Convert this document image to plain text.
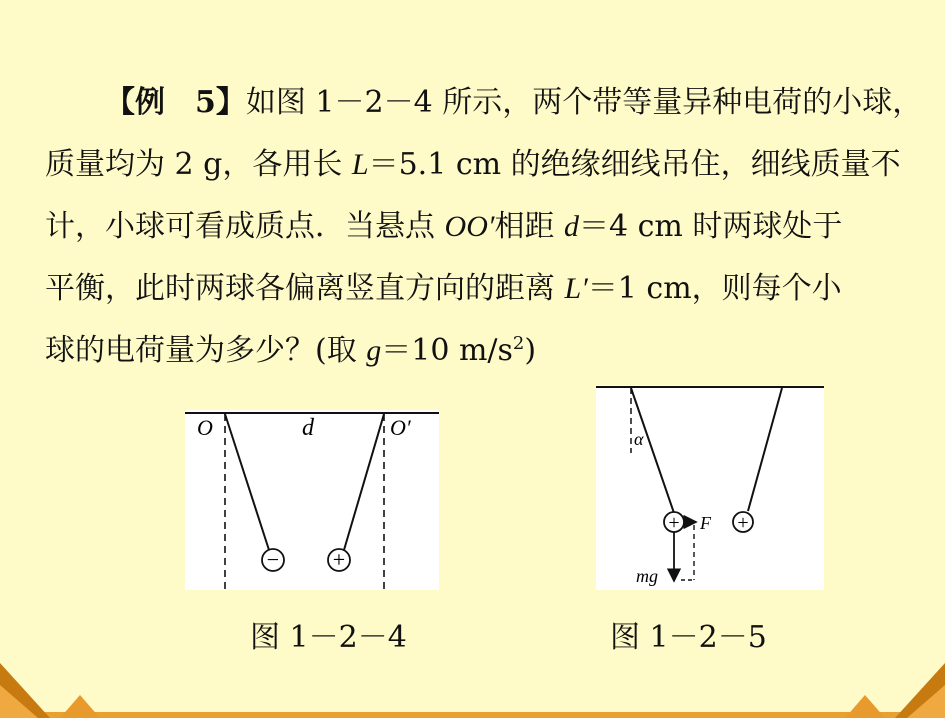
【例　5】如图 1－2－4 所示，两个带等量异种电荷的小球，
质量均为 2 g，各用长 L＝5.1 cm 的绝缘细线吊住，细线质量不
计，小球可看成质点．当悬点 OO′相距 d＝4 cm 时两球处于
平衡，此时两球各偏离竖直方向的距离 L′＝1 cm，则每个小
球的电荷量为多少？(取 g＝10 $m/s^2$)
− +
O	O′
d
图 1－2－4
+	+
α
F
mg
图 1－2－5
